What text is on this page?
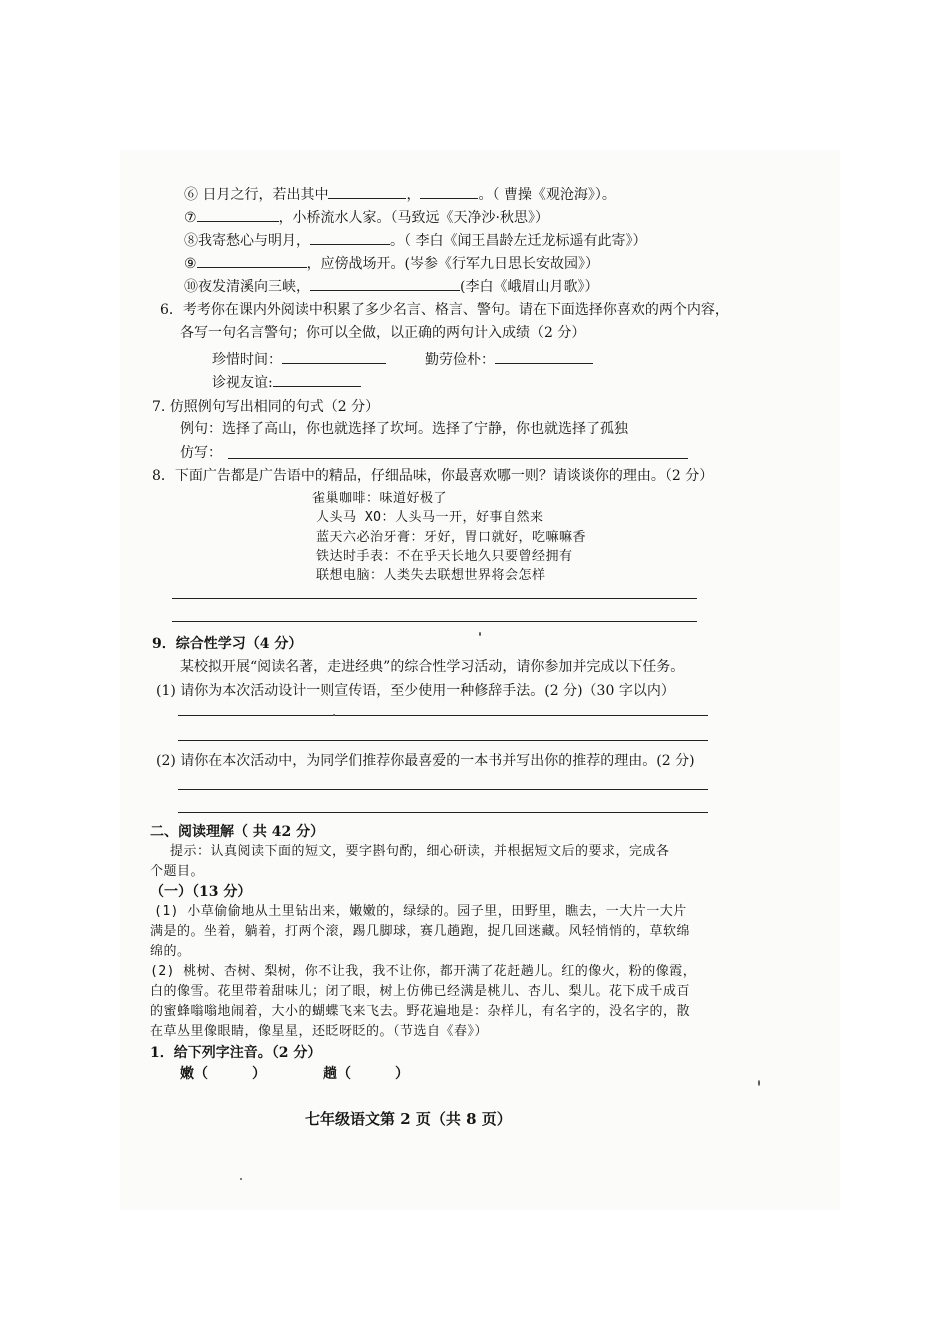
⑥ 日月之行，若出其中	，	。（ 曹操《观沧海》）。
⑦	，小桥流水人家。（马致远《天净沙·秋思》）
⑧我寄愁心与明月，	。（ 李白《闻王昌龄左迁龙标遥有此寄》）
⑨	，应傍战场开。(岑参《行军九日思长安故园》）
⑩夜发清溪向三峡，	(李白《峨眉山月歌》）
6．考考你在课内外阅读中积累了多少名言、格言、警句。请在下面选择你喜欢的两个内容，
各写一句名言警句；你可以全做，以正确的两句计入成绩（2 分）
珍惜时间：	勤劳俭朴：
诊视友谊:
7. 仿照例句写出相同的句式（2 分）
例句：选择了高山，你也就选择了坎坷。选择了宁静，你也就选择了孤独
仿写：
8．下面广告都是广告语中的精品，仔细品味，你最喜欢哪一则？请谈谈你的理由。（2 分）
雀巢咖啡：味道好极了
人头马 XO：人头马一开，好事自然来
蓝天六必治牙膏：牙好，胃口就好，吃嘛嘛香
铁达时手表：不在乎天长地久只要曾经拥有
联想电脑：人类失去联想世界将会怎样
9．综合性学习（4 分）
某校拟开展“阅读名著，走进经典”的综合性学习活动，请你参加并完成以下任务。
(1) 请你为本次活动设计一则宣传语，至少使用一种修辞手法。(2 分)（30 字以内）
(2) 请你在本次活动中，为同学们推荐你最喜爱的一本书并写出你的推荐的理由。(2 分)
二、阅读理解（ 共 42 分）
提示：认真阅读下面的短文，要字斟句酌，细心研读，并根据短文后的要求，完成各
个题目。
（一）（13 分）
(1) 小草偷偷地从土里钻出来，嫩嫩的，绿绿的。园子里，田野里，瞧去，一大片一大片
满是的。坐着，躺着，打两个滚，踢几脚球，赛几趟跑，捉几回迷藏。风轻悄悄的，草软绵
绵的。
(2) 桃树、杏树、梨树，你不让我，我不让你，都开满了花赶趟儿。红的像火，粉的像霞，
白的像雪。花里带着甜味儿；闭了眼，树上仿佛已经满是桃儿、杏儿、梨儿。花下成千成百
的蜜蜂嗡嗡地闹着，大小的蝴蝶飞来飞去。野花遍地是：杂样儿，有名字的，没名字的，散
在草丛里像眼睛，像星星，还眨呀眨的。（节选自《春》）
1．给下列字注音。（2 分）
嫩（	）	趟（	）
七年级语文第 2 页（共 8 页）
